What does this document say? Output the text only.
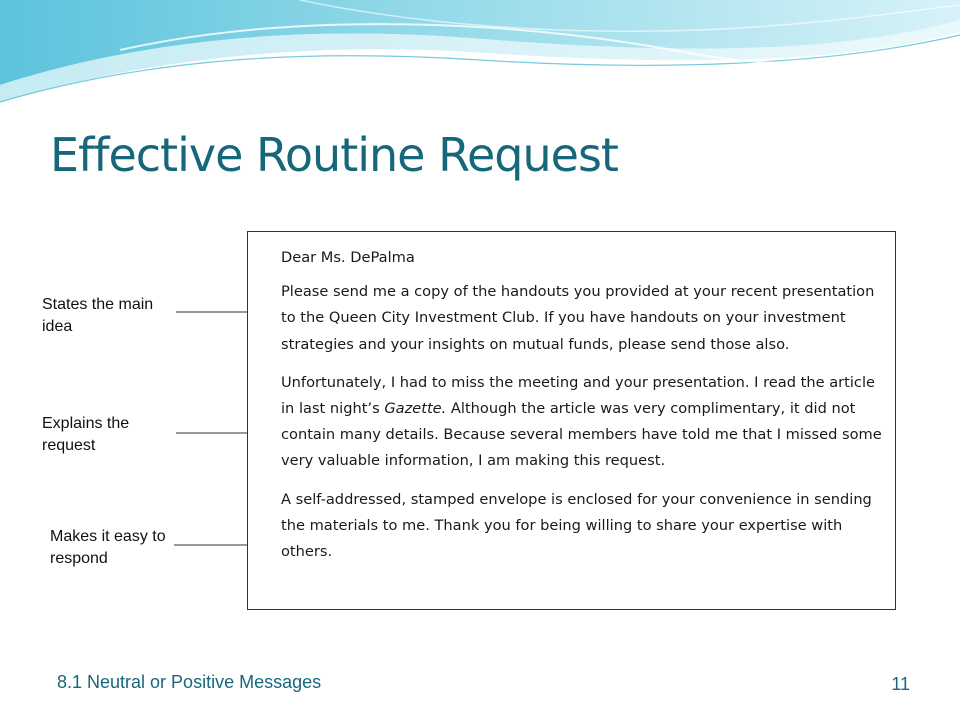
Effective Routine Request
States the main idea
Explains the request
Makes it easy to respond

Dear Ms. DePalma

Please send me a copy of the handouts you provided at your recent presentation to the Queen City Investment Club. If you have handouts on your investment strategies and your insights on mutual funds, please send those also.

Unfortunately, I had to miss the meeting and your presentation. I read the article in last night’s Gazette. Although the article was very complimentary, it did not contain many details. Because several members have told me that I missed some very valuable information, I am making this request.

A self-addressed, stamped envelope is enclosed for your convenience in sending the materials to me. Thank you for being willing to share your expertise with others.

8.1 Neutral or Positive Messages	11
